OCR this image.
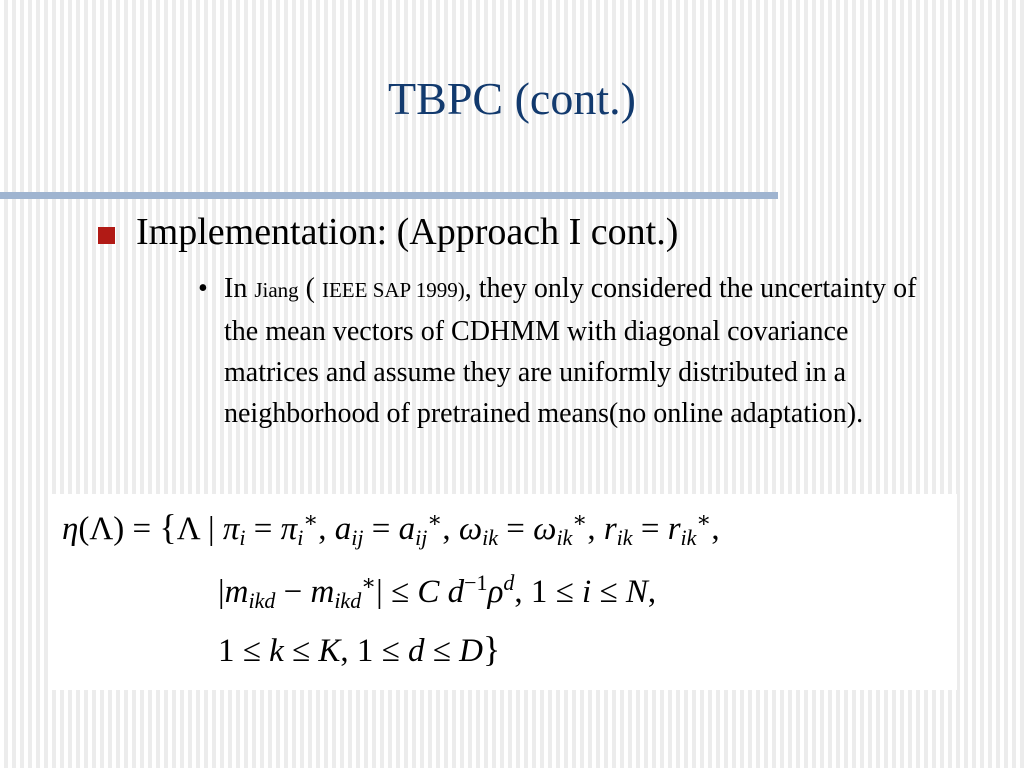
TBPC (cont.)
Implementation: (Approach I cont.)
• In Jiang ( IEEE SAP 1999), they only considered the uncertainty of the mean vectors of CDHMM with diagonal covariance matrices and assume they are uniformly distributed in a neighborhood of pretrained means(no online adaptation).
η(Λ) = {Λ | $\pi_i = \pi_i^∗$, $a_{ij} = a_{ij}^∗$, $\omega_{ik} = \omega_{ik}^∗$, $r_{ik} = r_{ik}^∗$,
$|m_{ikd} - m_{ikd}^∗| \le C$ $d^{-1}\rho^d$, 1 ≤ i ≤ N,
1 ≤ k ≤ K, 1 ≤ d ≤ D}
